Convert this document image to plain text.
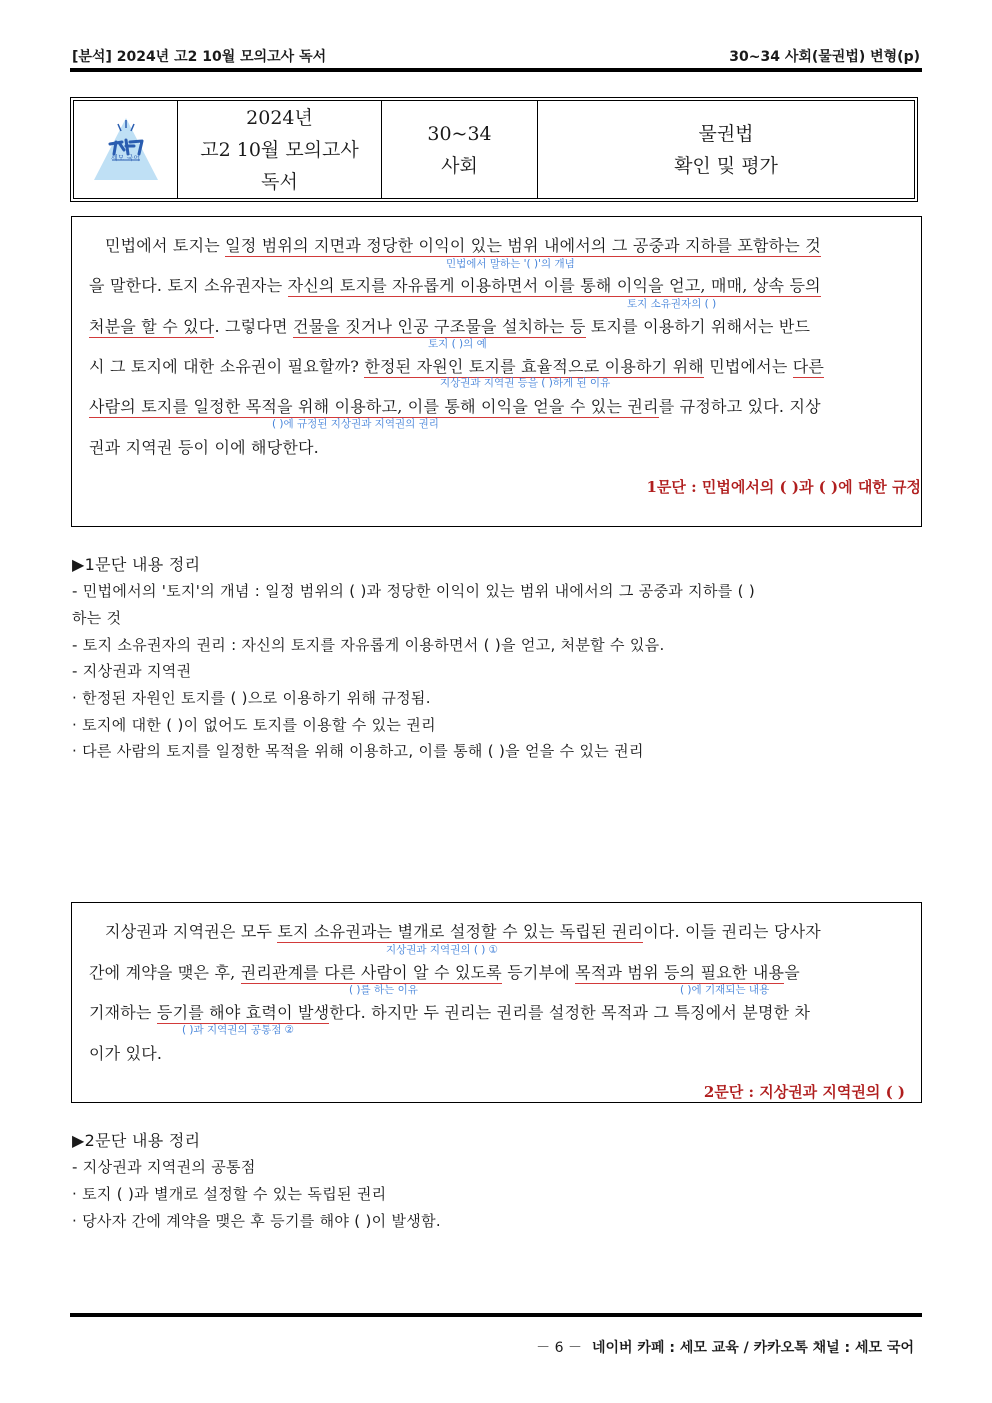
[분석] 2024년 고2 10월 모의고사 독서	30~34 사회(물권법) 변형(p)
세모 국어
2024년
고2 10월 모의고사
독서
30~34
사회
물권법
확인 및 평가
민법에서 토지는 일정 범위의 지면과 정당한 이익이 있는 범위 내에서의 그 공중과 지하를 포함하는 것
민법에서 말하는 '( )'의 개념
을 말한다. 토지 소유권자는 자신의 토지를 자유롭게 이용하면서 이를 통해 이익을 얻고, 매매, 상속 등의
토지 소유권자의 ( )
처분을 할 수 있다. 그렇다면 건물을 짓거나 인공 구조물을 설치하는 등 토지를 이용하기 위해서는 반드
토지 ( )의 예
시 그 토지에 대한 소유권이 필요할까? 한정된 자원인 토지를 효율적으로 이용하기 위해 민법에서는 다른
지상권과 지역권 등을 ( )하게 된 이유
사람의 토지를 일정한 목적을 위해 이용하고, 이를 통해 이익을 얻을 수 있는 권리를 규정하고 있다. 지상
( )에 규정된 지상권과 지역권의 권리
권과 지역권 등이 이에 해당한다.
1문단 : 민법에서의 ( )과 ( )에 대한 규정
▶1문단 내용 정리
- 민법에서의 '토지'의 개념 : 일정 범위의 ( )과 정당한 이익이 있는 범위 내에서의 그 공중과 지하를 ( )
하는 것
- 토지 소유권자의 권리 : 자신의 토지를 자유롭게 이용하면서 ( )을 얻고, 처분할 수 있음.
- 지상권과 지역권
· 한정된 자원인 토지를 ( )으로 이용하기 위해 규정됨.
· 토지에 대한 ( )이 없어도 토지를 이용할 수 있는 권리
· 다른 사람의 토지를 일정한 목적을 위해 이용하고, 이를 통해 ( )을 얻을 수 있는 권리
지상권과 지역권은 모두 토지 소유권과는 별개로 설정할 수 있는 독립된 권리이다. 이들 권리는 당사자
지상권과 지역권의 ( ) ①
간에 계약을 맺은 후, 권리관계를 다른 사람이 알 수 있도록 등기부에 목적과 범위 등의 필요한 내용을
( )를 하는 이유	( )에 기재되는 내용
기재하는 등기를 해야 효력이 발생한다. 하지만 두 권리는 권리를 설정한 목적과 그 특징에서 분명한 차
( )과 지역권의 공통점 ②
이가 있다.
2문단 : 지상권과 지역권의 ( )
▶2문단 내용 정리
- 지상권과 지역권의 공통점
· 토지 ( )과 별개로 설정할 수 있는 독립된 권리
· 당사자 간에 계약을 맺은 후 등기를 해야 ( )이 발생함.
－ 6 － 네이버 카페 : 세모 교육 / 카카오톡 채널 : 세모 국어
